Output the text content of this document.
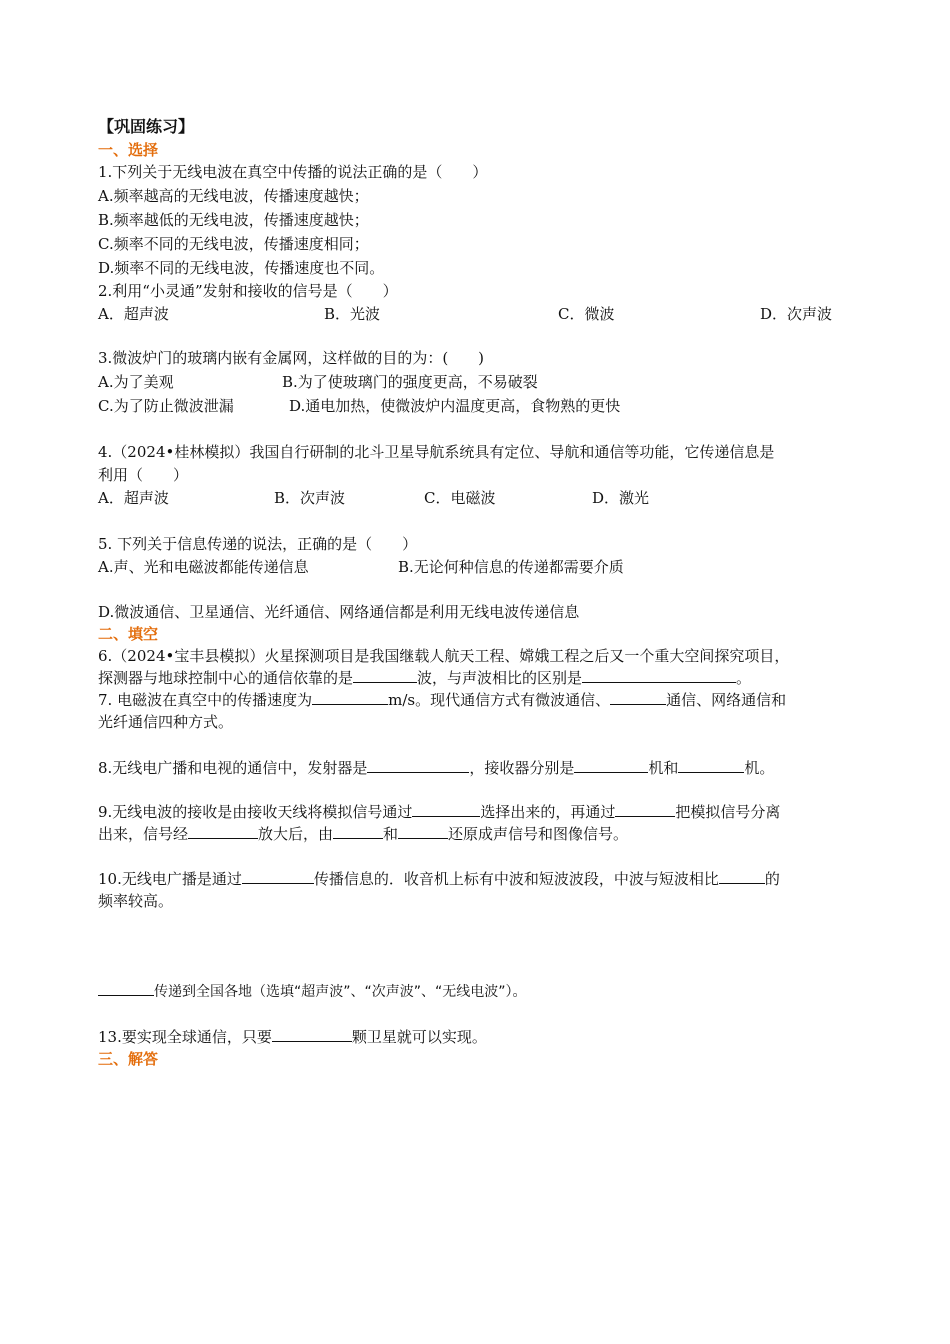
【巩固练习】
一、选择
1.下列关于无线电波在真空中传播的说法正确的是（　　）
A.频率越高的无线电波，传播速度越快；
B.频率越低的无线电波，传播速度越快；
C.频率不同的无线电波，传播速度相同；
D.频率不同的无线电波，传播速度也不同。
2.利用“小灵通”发射和接收的信号是（　　）
A．超声波	B．光波	C．微波	D．次声波
3.微波炉门的玻璃内嵌有金属网，这样做的目的为：(　　)
A.为了美观	B.为了使玻璃门的强度更高，不易破裂
C.为了防止微波泄漏	D.通电加热，使微波炉内温度更高，食物熟的更快
4.（2024•桂林模拟）我国自行研制的北斗卫星导航系统具有定位、导航和通信等功能，它传递信息是
利用（　　）
A．超声波	B．次声波	C．电磁波	D．激光
5. 下列关于信息传递的说法，正确的是（　　）
A.声、光和电磁波都能传递信息	B.无论何种信息的传递都需要介质
D.微波通信、卫星通信、光纤通信、网络通信都是利用无线电波传递信息
二、填空
6.（2024•宝丰县模拟）火星探测项目是我国继载人航天工程、嫦娥工程之后又一个重大空间探究项目，
探测器与地球控制中心的通信依靠的是	波，与声波相比的区别是	。
7. 电磁波在真空中的传播速度为	m/s。现代通信方式有微波通信、	通信、网络通信和
光纤通信四种方式。
8.无线电广播和电视的通信中，发射器是	，接收器分别是	机和	机。
9.无线电波的接收是由接收天线将模拟信号通过	选择出来的，再通过	把模拟信号分离
出来，信号经	放大后，由	和	还原成声信号和图像信号。
10.无线电广播是通过	传播信息的．收音机上标有中波和短波波段，中波与短波相比	的
频率较高。
传递到全国各地（选填“超声波”、“次声波”、“无线电波”）。
13.要实现全球通信，只要	颗卫星就可以实现。
三、解答
